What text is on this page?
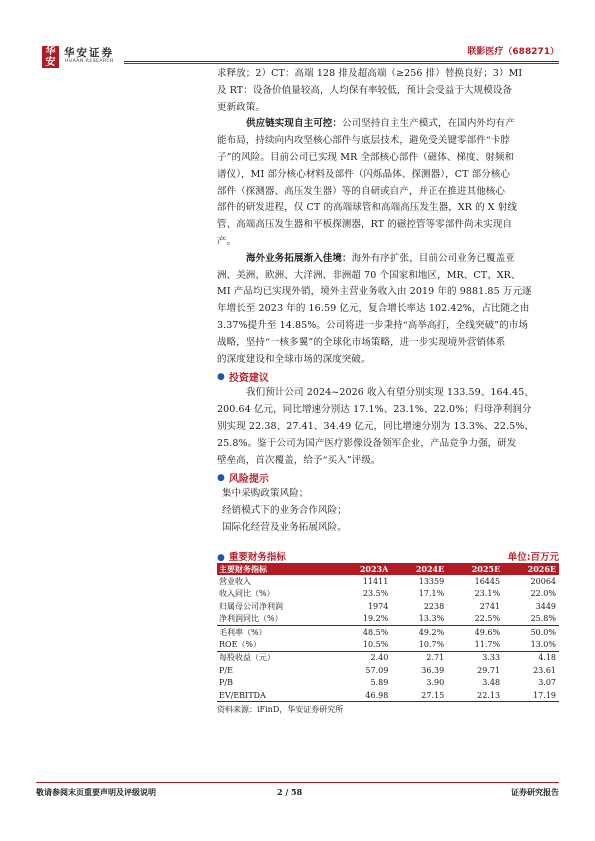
华安
华安证券
HUAAN RESEARCH
联影医疗（688271）

求释放；2）CT：高端 128 排及超高端（≥256 排）替换良好；3）MI

及 RT：设备价值量较高，人均保有率较低，预计会受益于大规模设备

更新政策。

供应链实现自主可控：公司坚持自主生产模式，在国内外均有产

能布局，持续向内攻坚核心部件与底层技术，避免受关键零部件“卡脖

子”的风险。目前公司已实现 MR 全部核心部件（磁体、梯度、射频和

谱仪），MI 部分核心材料及部件（闪烁晶体、探测器），CT 部分核心

部件（探测器、高压发生器）等的自研或自产，并正在推进其他核心

部件的研发进程，仅 CT 的高端球管和高端高压发生器，XR 的 X 射线

管、高端高压发生器和平板探测器，RT 的磁控管等零部件尚未实现自

产。

海外业务拓展渐入佳境：海外有序扩张，目前公司业务已覆盖亚

洲、美洲、欧洲、大洋洲、非洲超 70 个国家和地区，MR、CT、XR、

MI 产品均已实现外销，境外主营业务收入由 2019 年的 9881.85 万元逐

年增长至 2023 年的 16.59 亿元，复合增长率达 102.42%，占比随之由

3.37%提升至 14.85%。公司将进一步秉持“高举高打，全线突破”的市场

战略，坚持“一核多翼”的全球化市场策略，进一步实现境外营销体系

的深度建设和全球市场的深度突破。

● 投资建议

我们预计公司 2024~2026 收入有望分别实现 133.59、164.45、

200.64 亿元，同比增速分别达 17.1%、23.1%、22.0%；归母净利润分

别实现 22.38、27.41、34.49 亿元，同比增速分别为 13.3%、22.5%、

25.8%。鉴于公司为国产医疗影像设备领军企业，产品竞争力强，研发

壁垒高，首次覆盖，给予“买入”评级。

● 风险提示

集中采购政策风险；

经销模式下的业务合作风险；

国际化经营及业务拓展风险。

● 重要财务指标	单位:百万元
主要财务指标	2023A	2024E	2025E	2026E
营业收入	11411	13359	16445	20064
收入同比（%）	23.5%	17.1%	23.1%	22.0%
归属母公司净利润	1974	2238	2741	3449
净利润同比（%）	19.2%	13.3%	22.5%	25.8%
毛利率（%）	48.5%	49.2%	49.6%	50.0%
ROE（%）	10.5%	10.7%	11.7%	13.0%
每股收益（元）	2.40	2.71	3.33	4.18
P/E	57.09	36.39	29.71	23.61
P/B	5.89	3.90	3.48	3.07
EV/EBITDA	46.98	27.15	22.13	17.19
资料来源：iFinD，华安证券研究所
敬请参阅末页重要声明及评级说明	2 / 58	证券研究报告
